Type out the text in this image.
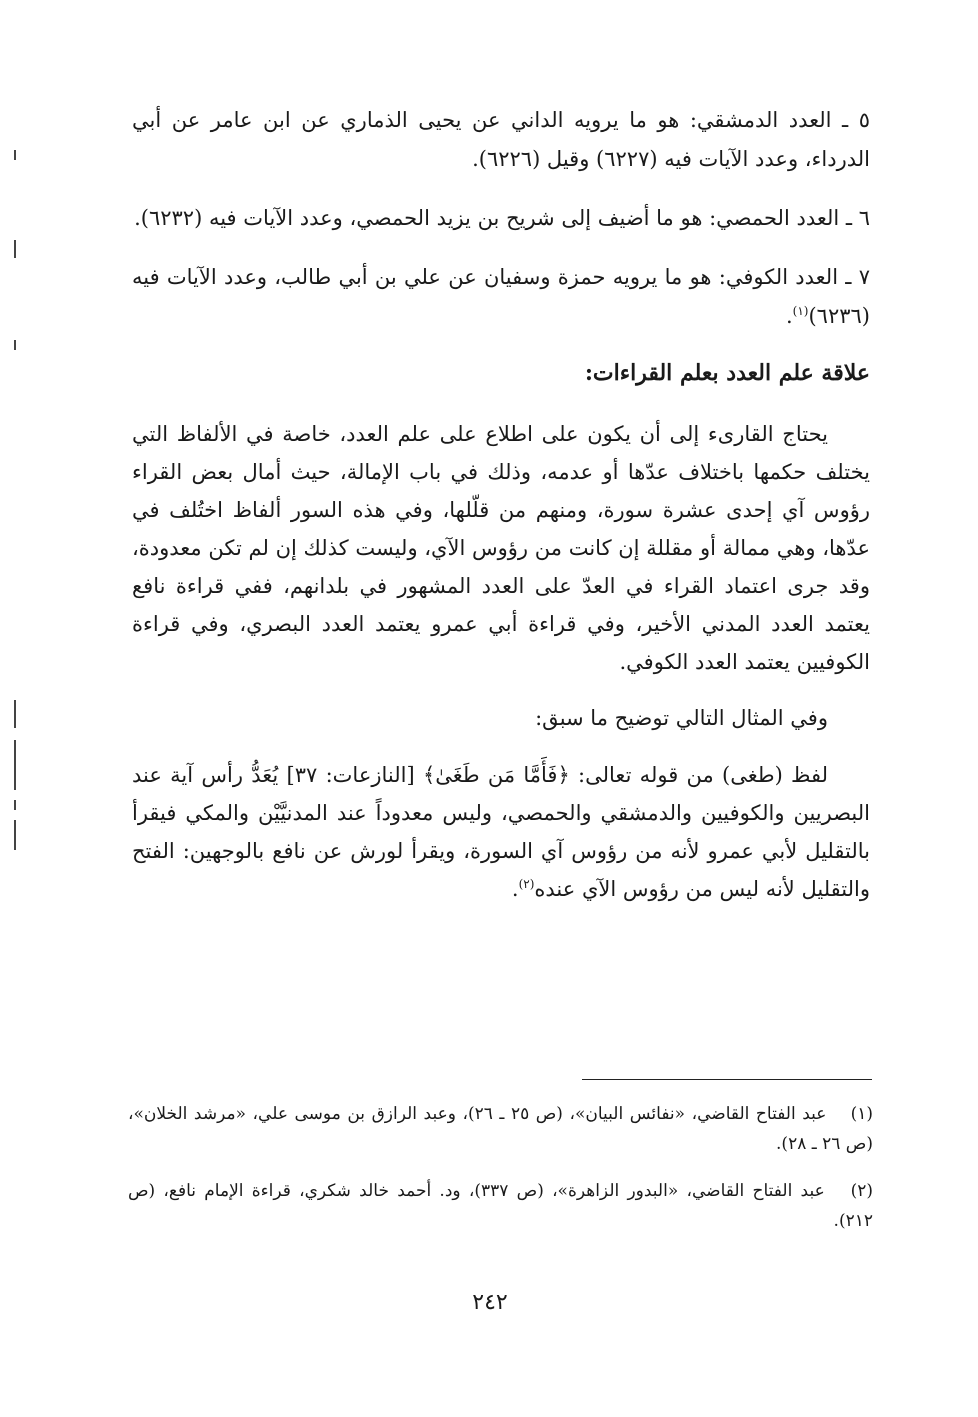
٥ ـ العدد الدمشقي: هو ما يرويه الداني عن يحيى الذماري عن ابن عامر عن أبي الدرداء، وعدد الآيات فيه (٦٢٢٧) وقيل (٦٢٢٦).

٦ ـ العدد الحمصي: هو ما أضيف إلى شريح بن يزيد الحمصي، وعدد الآيات فيه (٦٢٣٢).

٧ ـ العدد الكوفي: هو ما يرويه حمزة وسفيان عن علي بن أبي طالب، وعدد الآيات فيه (٦٢٣٦)$^{(١)}$.

علاقة علم العدد بعلم القراءات:

يحتاج القارىء إلى أن يكون على اطلاع على علم العدد، خاصة في الألفاظ التي يختلف حكمها باختلاف عدّها أو عدمه، وذلك في باب الإمالة، حيث أمال بعض القراء رؤوس آي إحدى عشرة سورة، ومنهم من قلّلها، وفي هذه السور ألفاظ اختُلف في عدّها، وهي ممالة أو مقللة إن كانت من رؤوس الآي، وليست كذلك إن لم تكن معدودة، وقد جرى اعتماد القراء في العدّ على العدد المشهور في بلدانهم، ففي قراءة نافع يعتمد العدد المدني الأخير، وفي قراءة أبي عمرو يعتمد العدد البصري، وفي قراءة الكوفيين يعتمد العدد الكوفي.

وفي المثال التالي توضيح ما سبق:

لفظ (طغى) من قوله تعالى: ﴿فَأَمَّا مَن طَغَىٰ﴾ [النازعات: ٣٧] يُعَدُّ رأس آية عند البصريين والكوفيين والدمشقي والحمصي، وليس معدوداً عند المدنيَّيْن والمكي فيقرأ بالتقليل لأبي عمرو لأنه من رؤوس آي السورة، ويقرأ لورش عن نافع بالوجهين: الفتح والتقليل لأنه ليس من رؤوس الآي عنده$^{(٢)}$.

(١) عبد الفتاح القاضي، «نفائس البيان»، (ص ٢٥ ـ ٢٦)، وعبد الرازق بن موسى علي، «مرشد الخلان»، (ص ٢٦ ـ ٢٨).
(٢) عبد الفتاح القاضي، «البدور الزاهرة»، (ص ٣٣٧)، ود. أحمد خالد شكري، قراءة الإمام نافع، (ص ٢١٢).
٢٤٢
